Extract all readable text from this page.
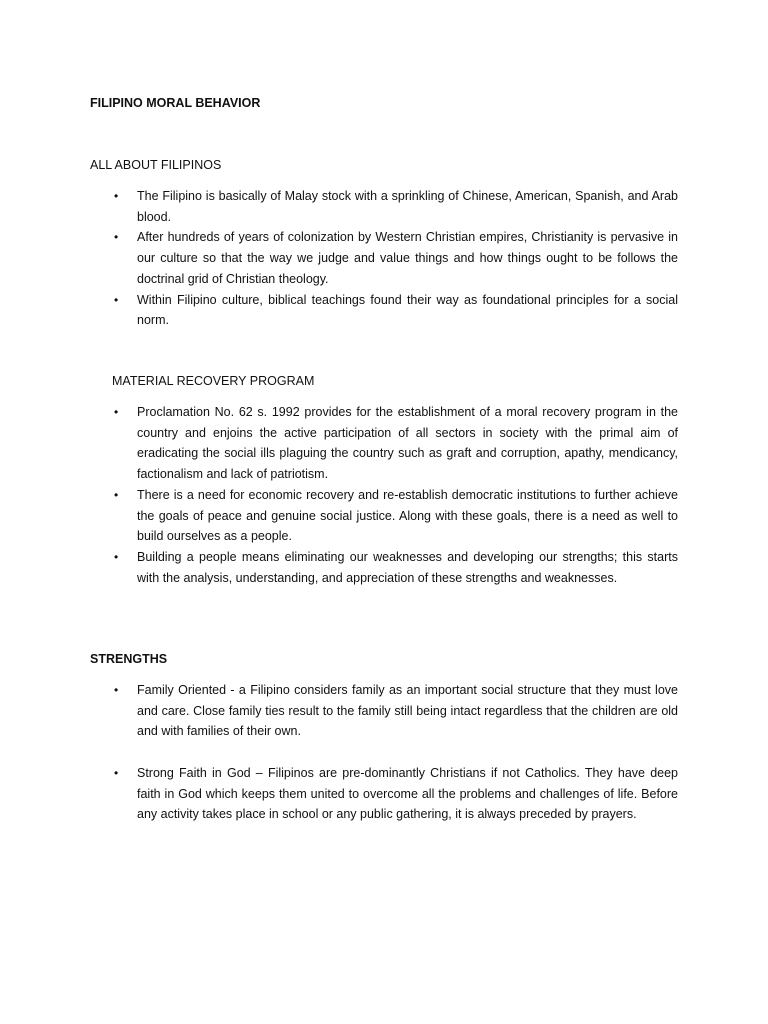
FILIPINO MORAL BEHAVIOR
ALL ABOUT FILIPINOS
• The Filipino is basically of Malay stock with a sprinkling of Chinese, American, Spanish, and Arab blood.
• After hundreds of years of colonization by Western Christian empires, Christianity is pervasive in our culture so that the way we judge and value things and how things ought to be follows the doctrinal grid of Christian theology.
• Within Filipino culture, biblical teachings found their way as foundational principles for a social norm.
MATERIAL RECOVERY PROGRAM
• Proclamation No. 62 s. 1992 provides for the establishment of a moral recovery program in the country and enjoins the active participation of all sectors in society with the primal aim of eradicating the social ills plaguing the country such as graft and corruption, apathy, mendicancy, factionalism and lack of patriotism.
• There is a need for economic recovery and re-establish democratic institutions to further achieve the goals of peace and genuine social justice. Along with these goals, there is a need as well to build ourselves as a people.
• Building a people means eliminating our weaknesses and developing our strengths; this starts with the analysis, understanding, and appreciation of these strengths and weaknesses.
STRENGTHS
• Family Oriented - a Filipino considers family as an important social structure that they must love and care. Close family ties result to the family still being intact regardless that the children are old and with families of their own.
• Strong Faith in God – Filipinos are pre-dominantly Christians if not Catholics. They have deep faith in God which keeps them united to overcome all the problems and challenges of life. Before any activity takes place in school or any public gathering, it is always preceded by prayers.
